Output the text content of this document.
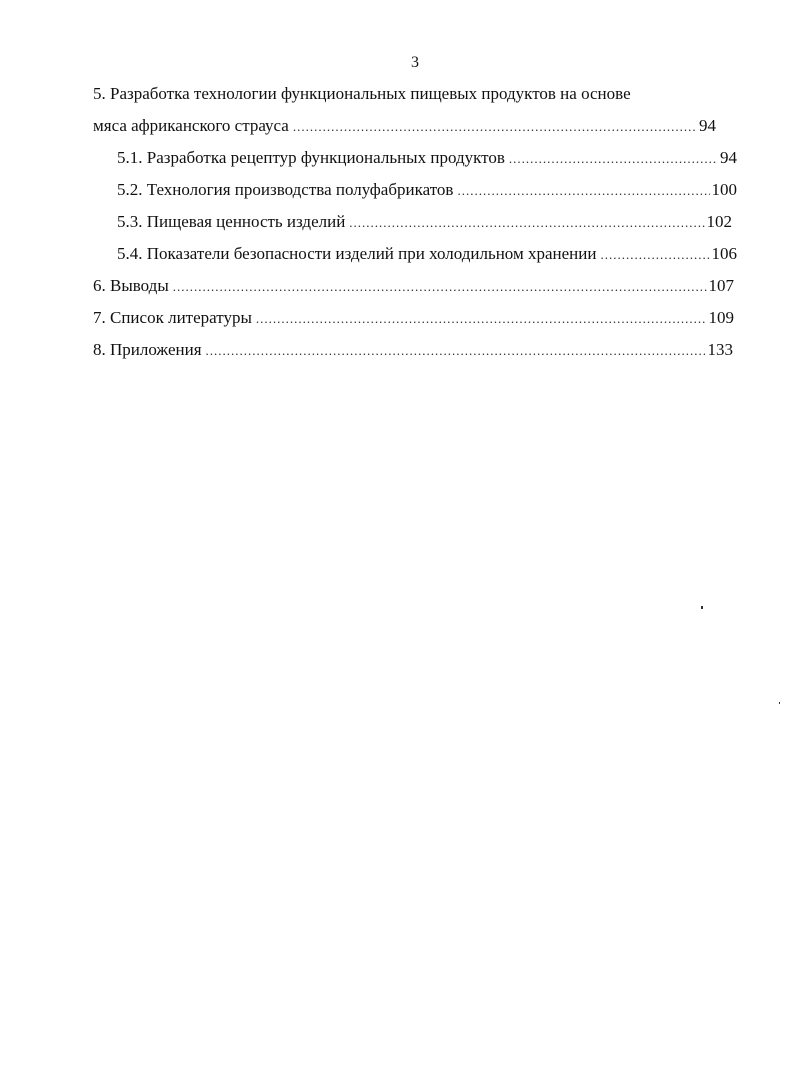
3
5. Разработка технологии функциональных пищевых продуктов на основе
мяса африканского страуса .....	94
5.1. Разработка рецептур функциональных продуктов .....	94
5.2. Технология производства полуфабрикатов .....	100
5.3. Пищевая ценность изделий .....	102
5.4. Показатели безопасности изделий при холодильном хранении .....	106
6. Выводы .....	107
7. Список литературы .....	109
8. Приложения .....	133
